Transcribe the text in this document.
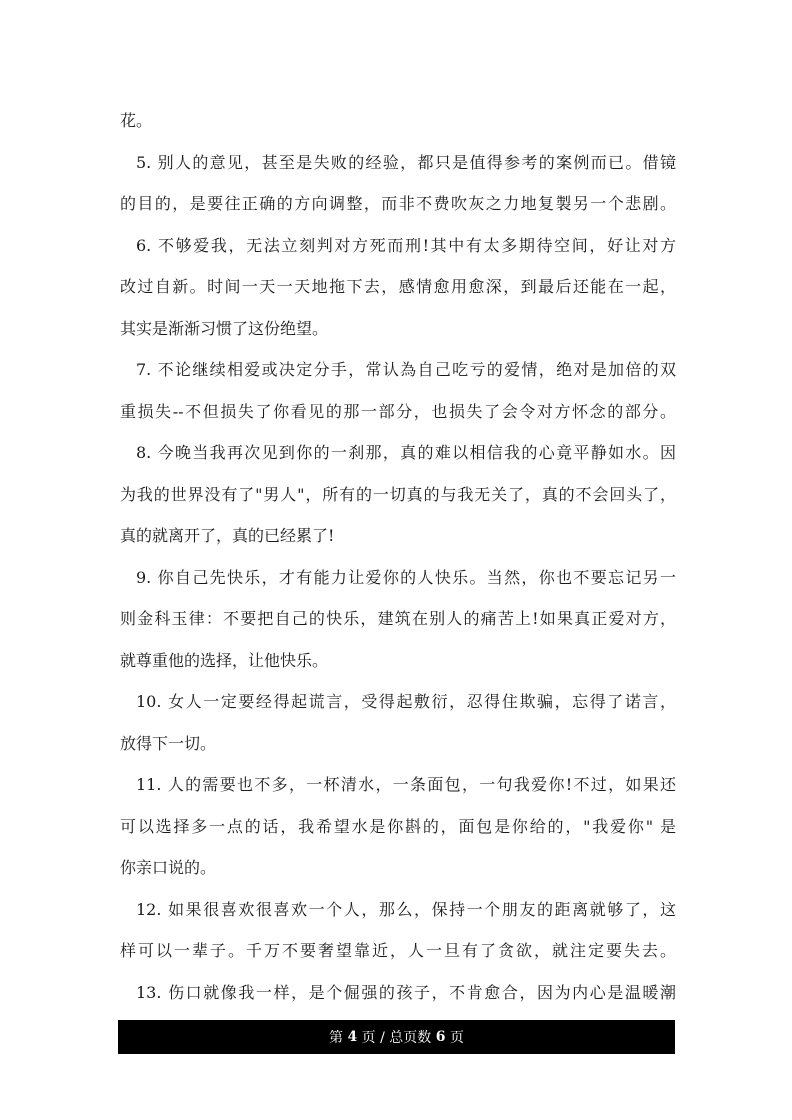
花。
5. 别人的意见，甚至是失败的经验，都只是值得参考的案例而已。借镜
的目的，是要往正确的方向调整，而非不费吹灰之力地复製另一个悲剧。
6. 不够爱我，无法立刻判对方死而刑!其中有太多期待空间，好让对方
改过自新。时间一天一天地拖下去，感情愈用愈深，到最后还能在一起，
其实是渐渐习惯了这份绝望。
7. 不论继续相爱或决定分手，常认為自己吃亏的爱情，绝对是加倍的双
重损失--不但损失了你看见的那一部分，也损失了会令对方怀念的部分。
8. 今晚当我再次见到你的一刹那，真的难以相信我的心竟平静如水。因
为我的世界没有了"男人"，所有的一切真的与我无关了，真的不会回头了，
真的就离开了，真的已经累了!
9. 你自己先快乐，才有能力让爱你的人快乐。当然，你也不要忘记另一
则金科玉律：不要把自己的快乐，建筑在别人的痛苦上!如果真正爱对方，
就尊重他的选择，让他快乐。
10. 女人一定要经得起谎言，受得起敷衍，忍得住欺骗，忘得了诺言，
放得下一切。
11. 人的需要也不多，一杯清水，一条面包，一句我爱你!不过，如果还
可以选择多一点的话，我希望水是你斟的，面包是你给的，"我爱你" 是
你亲口说的。
12. 如果很喜欢很喜欢一个人，那么，保持一个朋友的距离就够了，这
样可以一辈子。千万不要奢望靠近，人一旦有了贪欲，就注定要失去。
13. 伤口就像我一样，是个倔强的孩子，不肯愈合，因为内心是温暖潮
第 4 页 / 总页数 6 页
